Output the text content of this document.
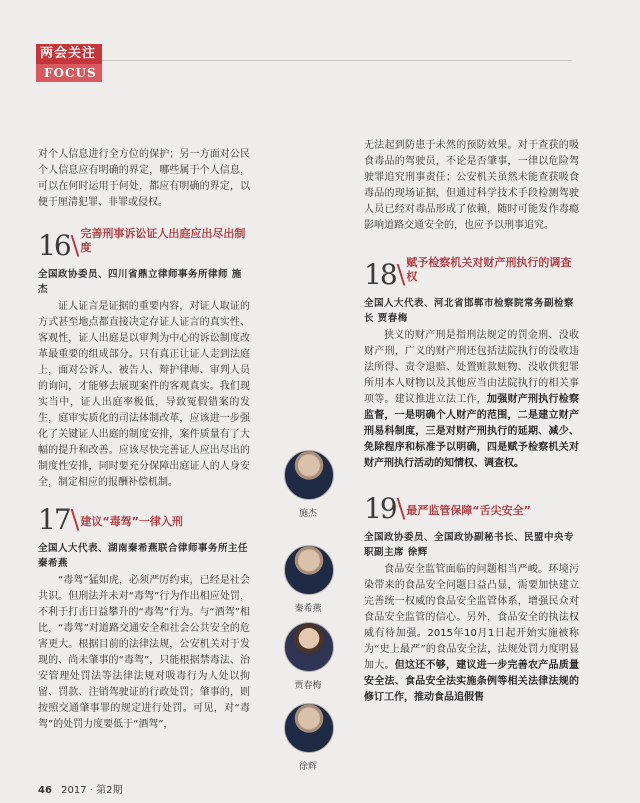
两会关注
FOCUS

对个人信息进行全方位的保护；另一方面对公民个人信息应有明确的界定，哪些属于个人信息，可以在何时运用于何处，都应有明确的界定，以便于厘清犯罪、非罪或侵权。

16 \ 完善刑事诉讼证人出庭应出尽出制度
全国政协委员、四川省鼎立律师事务所律师 施杰

证人证言是证据的重要内容，对证人取证的方式甚至地点都直接决定存证人证言的真实性、客观性，证人出庭是以审判为中心的诉讼制度改革最重要的组成部分。只有真正让证人走到法庭上，面对公诉人、被告人、辩护律师、审判人员的询问，才能够去展现案件的客观真实。我们现实当中，证人出庭率极低，导致冤假错案的发生，庭审实质化的司法体制改革，应该进一步强化了关键证人出庭的制度安排，案件质量有了大幅的提升和改善。应该尽快完善证人应出尽出的制度性安排，同时要充分保障出庭证人的人身安全，制定相应的报酬补偿机制。

17 \ 建议“毒驾”一律入刑
全国人大代表、湖南秦希燕联合律师事务所主任 秦希燕

“毒驾”猛如虎，必须严厉约束，已经是社会共识。但刑法并未对“毒驾”行为作出相应处罚，不利于打击日益攀升的“毒驾”行为。与“酒驾”相比，“毒驾”对道路交通安全和社会公共安全的危害更大。根据目前的法律法规，公安机关对于发现的、尚未肇事的“毒驾”，只能根据禁毒法、治安管理处罚法等法律法规对吸毒行为人处以拘留、罚款、注销驾驶证的行政处罚；肇事的，则按照交通肇事罪的规定进行处罚。可见，对“毒驾”的处罚力度要低于“酒驾”，

施杰
秦希燕
贾春梅
徐辉

无法起到防患于未然的预防效果。对于查获的吸食毒品的驾驶员，不论是否肇事，一律以危险驾驶罪追究刑事责任；公安机关虽然未能查获吸食毒品的现场证据，但通过科学技术手段检测驾驶人员已经对毒品形成了依赖，随时可能发作毒瘾影响道路交通安全的，也应予以刑事追究。

18 \ 赋予检察机关对财产刑执行的调查权
全国人大代表、河北省邯郸市检察院常务副检察长 贾春梅

狭义的财产刑是指刑法规定的罚金刑、没收财产刑，广义的财产刑还包括法院执行的没收违法所得、责令退赔、处置赃款赃物、没收供犯罪所用本人财物以及其他应当由法院执行的相关事项等。建议推进立法工作，加强财产刑执行检察监督，一是明确个人财产的范围，二是建立财产刑易科制度，三是对财产刑执行的延期、减少、免除程序和标准予以明确，四是赋予检察机关对财产刑执行活动的知情权、调查权。

19 \ 最严监管保障“舌尖安全”
全国政协委员、全国政协副秘书长、民盟中央专职副主席 徐辉

食品安全监管面临的问题相当严峻。环境污染带来的食品安全问题日益凸显，需要加快建立完善统一权威的食品安全监管体系，增强民众对食品安全监管的信心。另外，食品安全的执法权威有待加强。2015年10月1日起开始实施被称为“史上最严”的食品安全法，法规处罚力度明显加大。但这还不够，建议进一步完善农产品质量安全法、食品安全法实施条例等相关法律法规的修订工作，推动食品追假售

46 2017 · 第2期
